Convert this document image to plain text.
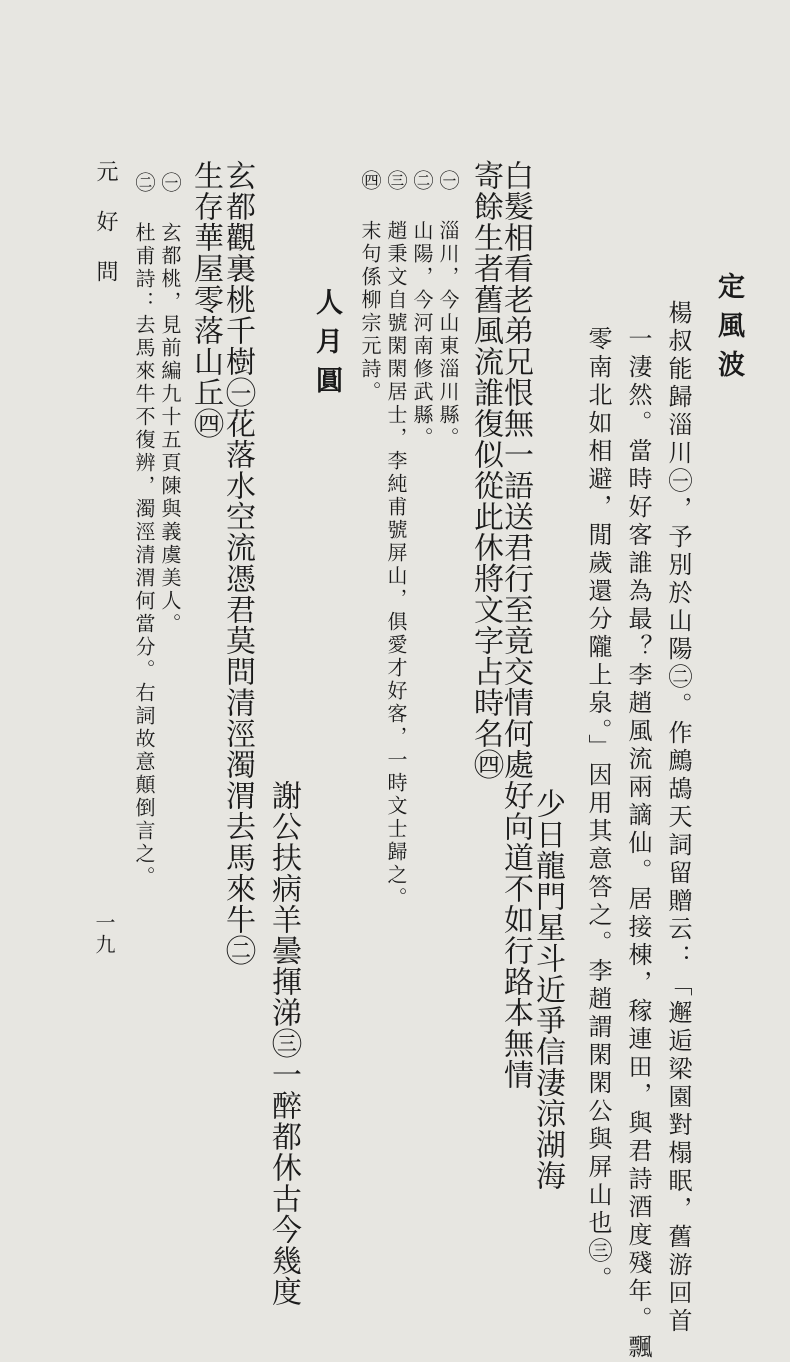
定風波
楊叔能歸淄川㊀，予別於山陽㊁。作鷓鴣天詞留贈云：「邂逅梁園對榻眠，舊游回首
一淒然。當時好客誰為最？李趙風流兩謫仙。居接棟，稼連田，與君詩酒度殘年。飄
零南北如相避，閒歲還分隴上泉。」因用其意答之。李趙謂閑閑公與屏山也㊂。
少日龍門星斗近爭信淒涼湖海
白髮相看老弟兄恨無一語送君行至竟交情何處好向道不如行路本無情
寄餘生者舊風流誰復似從此休將文字占時名㊃
㊀ 淄川，今山東淄川縣。
㊁ 山陽，今河南修武縣。
㊂ 趙秉文自號閑閑居士，李純甫號屏山，俱愛才好客，一時文士歸之。
㊃ 末句係柳宗元詩。
人月圓
謝公扶病羊曇揮涕㊂一醉都休古今幾度
玄都觀裏桃千樹㊀花落水空流憑君莫問清涇濁渭去馬來牛㊁
生存華屋零落山丘㊃
㊀ 玄都桃，見前編九十五頁陳與義虞美人。
㊁ 杜甫詩：去馬來牛不復辨，濁涇清渭何當分。右詞故意顛倒言之。
元好問
一九
